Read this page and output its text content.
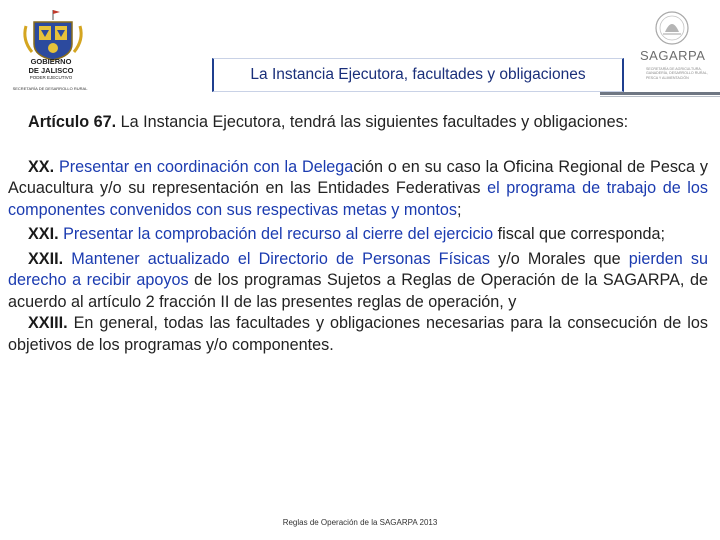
GOBIERNO
DE JALISCO
PODER EJECUTIVO
SECRETARÍA DE DESARROLLO RURAL
La Instancia Ejecutora, facultades y obligaciones
SAGARPA
SECRETARÍA DE AGRICULTURA, GANADERÍA, DESARROLLO RURAL, PESCA Y ALIMENTACIÓN

Artículo 67. La Instancia Ejecutora, tendrá las siguientes facultades y obligaciones:

XX. Presentar en coordinación con la Delegación o en su caso la Oficina Regional de Pesca y Acuacultura y/o su representación en las Entidades Federativas el programa de trabajo de los componentes convenidos con sus respectivas metas y montos;

XXI. Presentar la comprobación del recurso al cierre del ejercicio fiscal que corresponda;

XXII. Mantener actualizado el Directorio de Personas Físicas y/o Morales que pierden su derecho a recibir apoyos de los programas Sujetos a Reglas de Operación de la SAGARPA, de acuerdo al artículo 2 fracción II de las presentes reglas de operación, y

XXIII. En general, todas las facultades y obligaciones necesarias para la consecución de los objetivos de los programas y/o componentes.

Reglas de Operación de la SAGARPA 2013
